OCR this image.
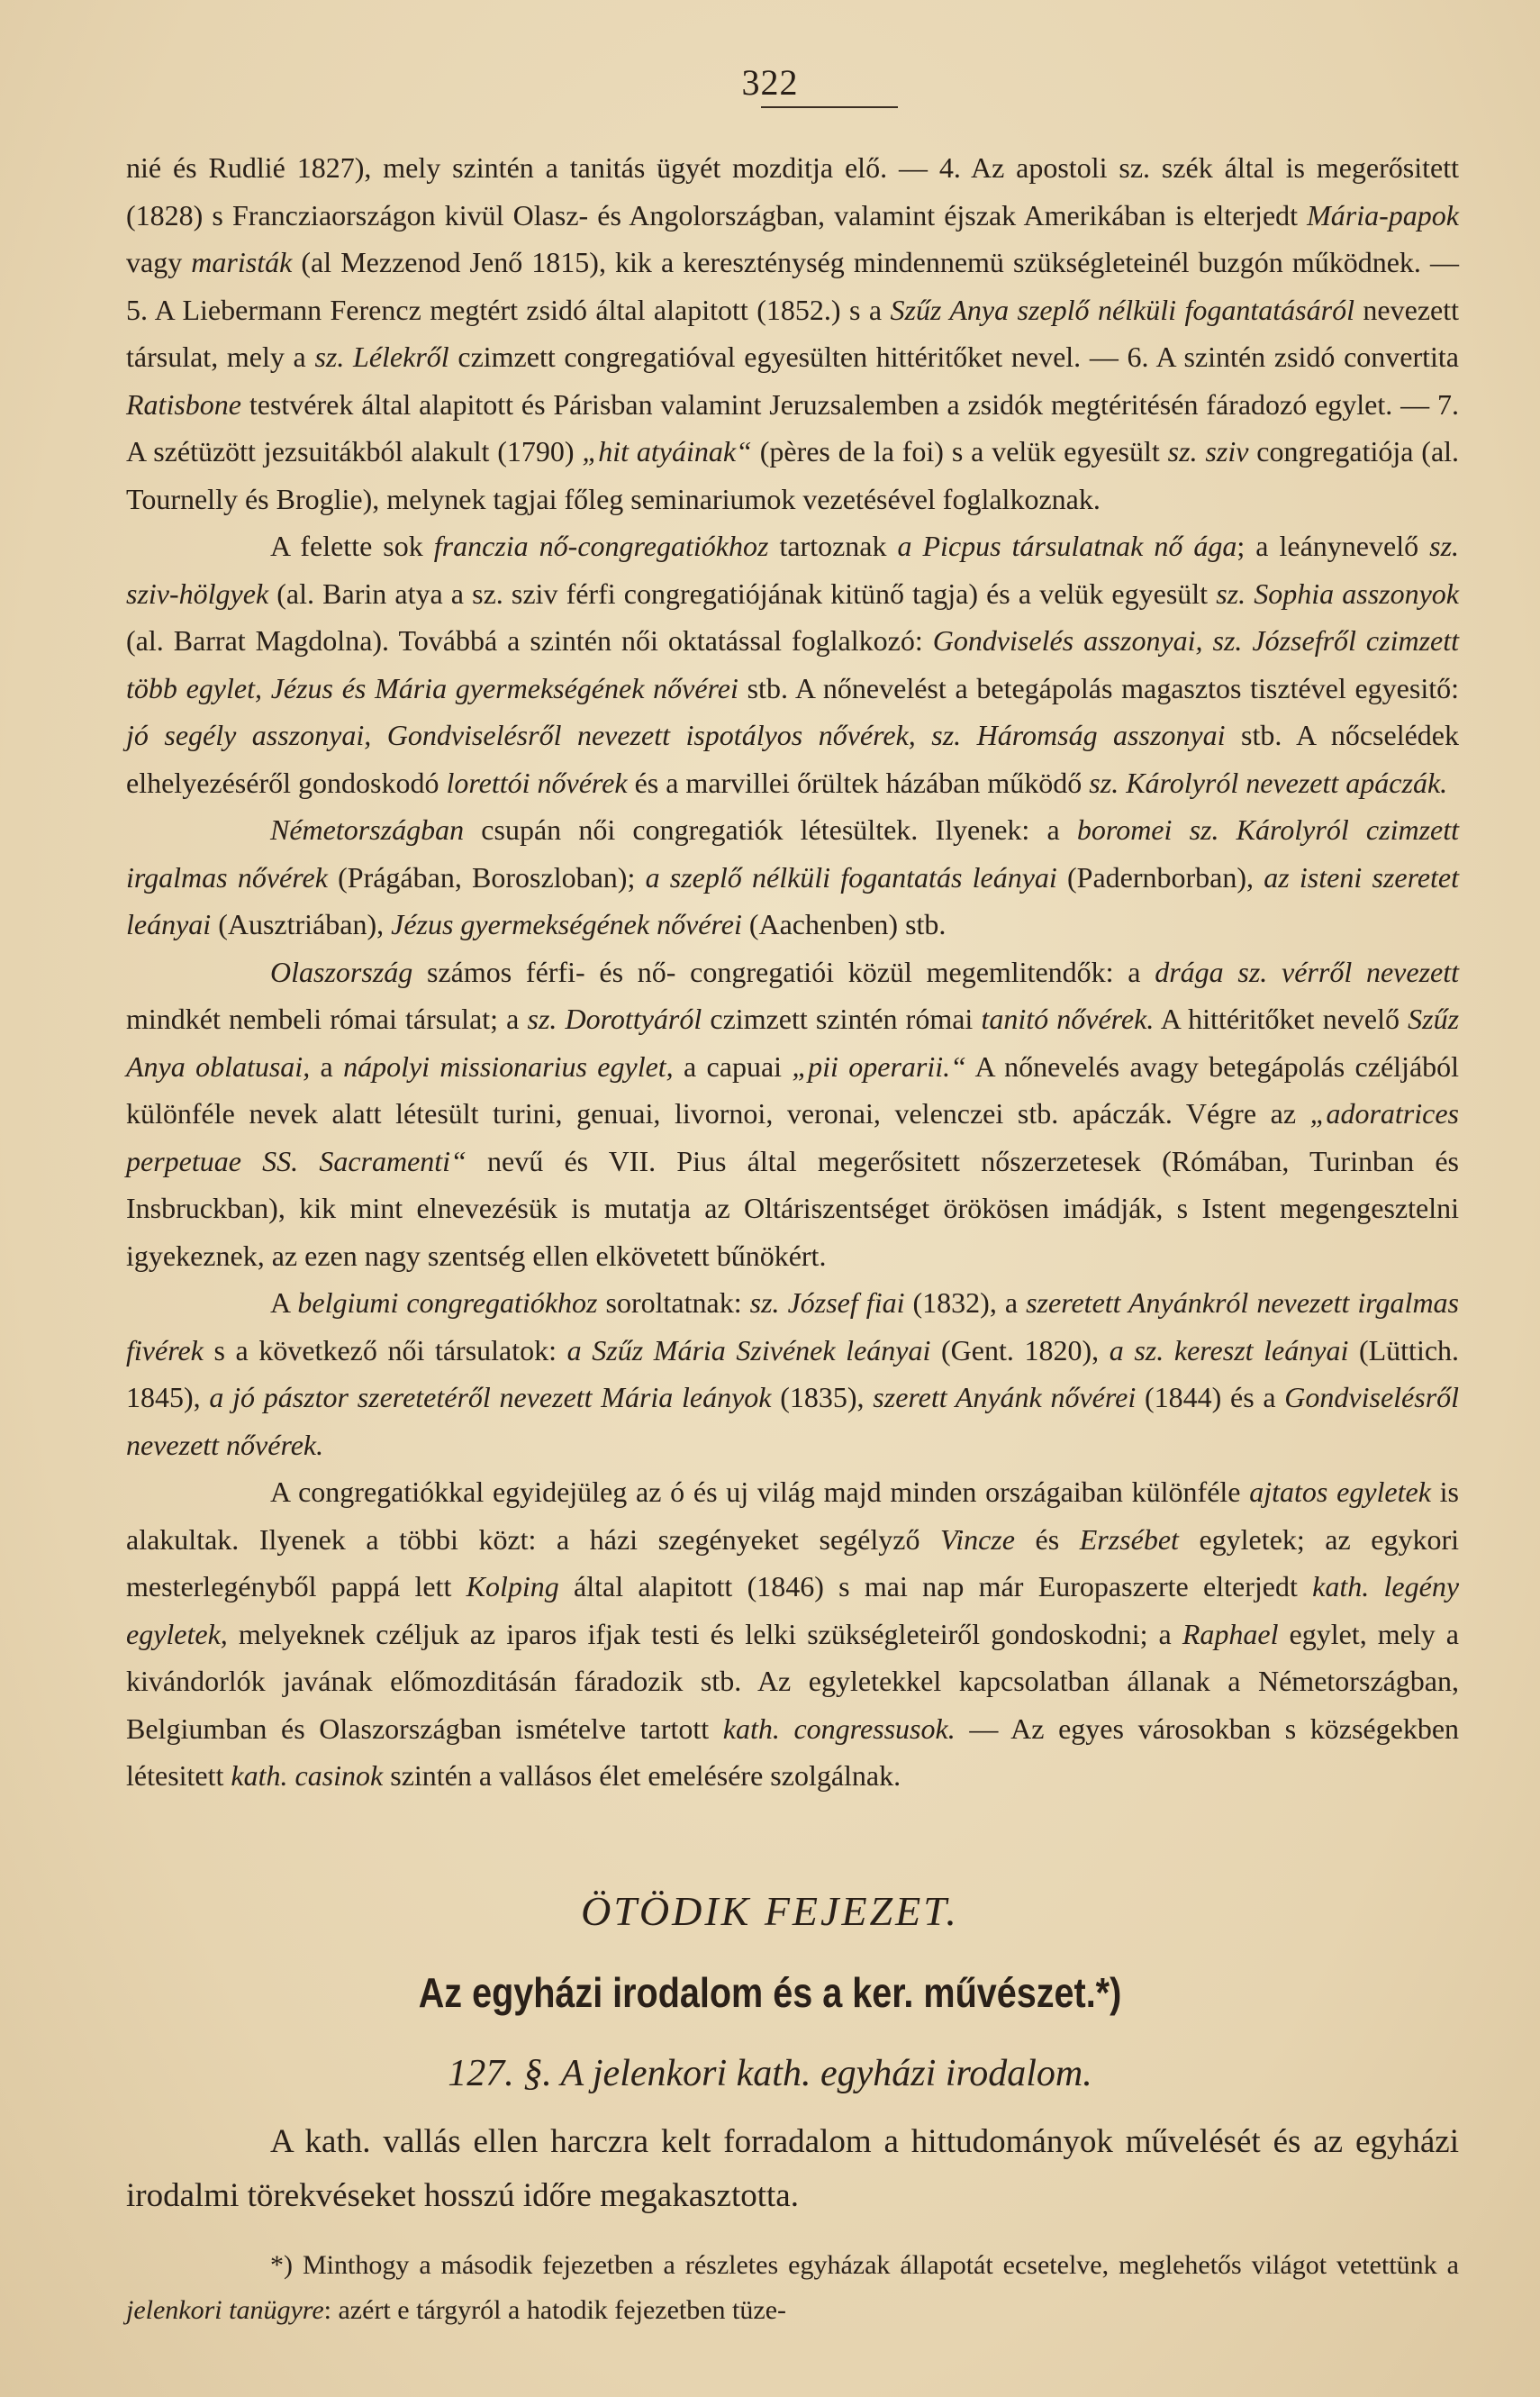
322

nié és Rudlié 1827), mely szintén a tanitás ügyét mozditja elő. — 4. Az apostoli sz. szék által is megerősitett (1828) s Francziaországon kivül Olasz- és Angolországban, valamint éjszak Amerikában is elterjedt Mária-papok vagy maristák (al Mezzenod Jenő 1815), kik a kereszténység mindennemü szükségleteinél buzgón működnek. — 5. A Liebermann Ferencz megtért zsidó által alapitott (1852.) s a Szűz Anya szeplő nélküli fogantatásáról nevezett társulat, mely a sz. Lélekről czimzett congregatióval egyesülten hittéritőket nevel. — 6. A szintén zsidó convertita Ratisbone testvérek által alapitott és Párisban valamint Jeruzsalemben a zsidók megtéritésén fáradozó egylet. — 7. A szétüzött jezsuitákból alakult (1790) „hit atyáinak“ (pères de la foi) s a velük egyesült sz. sziv congregatiója (al. Tournelly és Broglie), melynek tagjai főleg seminariumok vezetésével foglalkoznak.

A felette sok franczia nő-congregatiókhoz tartoznak a Picpus társulatnak nő ága; a leánynevelő sz. sziv-hölgyek (al. Barin atya a sz. sziv férfi congregatiójának kitünő tagja) és a velük egyesült sz. Sophia asszonyok (al. Barrat Magdolna). Továbbá a szintén női oktatással foglalkozó: Gondviselés asszonyai, sz. Józsefről czimzett több egylet, Jézus és Mária gyermekségének nővérei stb. A nőnevelést a betegápolás magasztos tisztével egyesitő: jó segély asszonyai, Gondviselésről nevezett ispotályos nővérek, sz. Háromság asszonyai stb. A nőcselédek elhelyezéséről gondoskodó lorettói nővérek és a marvillei őrültek házában működő sz. Károlyról nevezett apáczák.

Németországban csupán női congregatiók létesültek. Ilyenek: a boromei sz. Károlyról czimzett irgalmas nővérek (Prágában, Boroszloban); a szeplő nélküli fogantatás leányai (Padernborban), az isteni szeretet leányai (Ausztriában), Jézus gyermekségének nővérei (Aachenben) stb.

Olaszország számos férfi- és nő- congregatiói közül megemlitendők: a drága sz. vérről nevezett mindkét nembeli római társulat; a sz. Dorottyáról czimzett szintén római tanitó nővérek. A hittéritőket nevelő Szűz Anya oblatusai, a nápolyi missionarius egylet, a capuai „pii operarii.“ A nőnevelés avagy betegápolás czéljából különféle nevek alatt létesült turini, genuai, livornoi, veronai, velenczei stb. apáczák. Végre az „adoratrices perpetuae SS. Sacramenti“ nevű és VII. Pius által megerősitett nőszerzetesek (Rómában, Turinban és Insbruckban), kik mint elnevezésük is mutatja az Oltáriszentséget örökösen imádják, s Istent megengesztelni igyekeznek, az ezen nagy szentség ellen elkövetett bűnökért.

A belgiumi congregatiókhoz soroltatnak: sz. József fiai (1832), a szeretett Anyánkról nevezett irgalmas fivérek s a következő női társulatok: a Szűz Mária Szivének leányai (Gent. 1820), a sz. kereszt leányai (Lüttich. 1845), a jó pásztor szeretetéről nevezett Mária leányok (1835), szerett Anyánk nővérei (1844) és a Gondviselésről nevezett nővérek.

A congregatiókkal egyidejüleg az ó és uj világ majd minden országaiban különféle ajtatos egyletek is alakultak. Ilyenek a többi közt: a házi szegényeket segélyző Vincze és Erzsébet egyletek; az egykori mesterlegényből pappá lett Kolping által alapitott (1846) s mai nap már Europaszerte elterjedt kath. legény egyletek, melyeknek czéljuk az iparos ifjak testi és lelki szükségleteiről gondoskodni; a Raphael egylet, mely a kivándorlók javának előmozditásán fáradozik stb. Az egyletekkel kapcsolatban állanak a Németországban, Belgiumban és Olaszországban ismételve tartott kath. congressusok. — Az egyes városokban s községekben létesitett kath. casinok szintén a vallásos élet emelésére szolgálnak.

ÖTÖDIK FEJEZET.
Az egyházi irodalom és a ker. művészet.*)
127. §. A jelenkori kath. egyházi irodalom.

A kath. vallás ellen harczra kelt forradalom a hittudományok művelését és az egyházi irodalmi törekvéseket hosszú időre megakasztotta.

*) Minthogy a második fejezetben a részletes egyházak állapotát ecsetelve, meglehetős világot vetettünk a jelenkori tanügyre: azért e tárgyról a hatodik fejezetben tüze-
